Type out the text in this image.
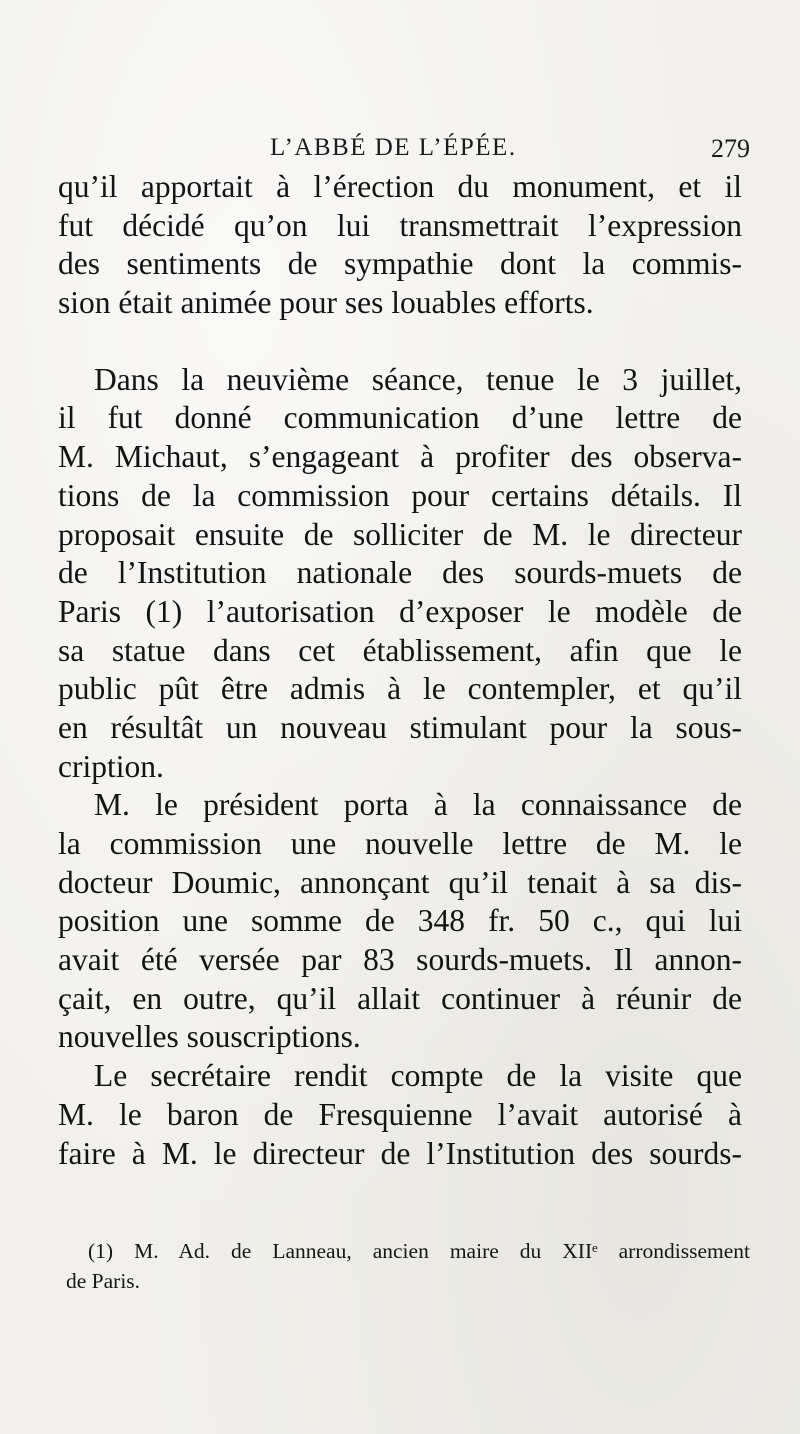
L’ABBÉ DE L’ÉPÉE.	279
qu’il apportait à l’érection du monument, et il
fut décidé qu’on lui transmettrait l’expression
des sentiments de sympathie dont la commis-
sion était animée pour ses louables efforts.
Dans la neuvième séance, tenue le 3 juillet,
il fut donné communication d’une lettre de
M. Michaut, s’engageant à profiter des observa-
tions de la commission pour certains détails. Il
proposait ensuite de solliciter de M. le directeur
de l’Institution nationale des sourds-muets de
Paris (1) l’autorisation d’exposer le modèle de
sa statue dans cet établissement, afin que le
public pût être admis à le contempler, et qu’il
en résultât un nouveau stimulant pour la sous-
cription.
M. le président porta à la connaissance de
la commission une nouvelle lettre de M. le
docteur Doumic, annonçant qu’il tenait à sa dis-
position une somme de 348 fr. 50 c., qui lui
avait été versée par 83 sourds-muets. Il annon-
çait, en outre, qu’il allait continuer à réunir de
nouvelles souscriptions.
Le secrétaire rendit compte de la visite que
M. le baron de Fresquienne l’avait autorisé à
faire à M. le directeur de l’Institution des sourds-
(1) M. Ad. de Lanneau, ancien maire du XIIᵉ arrondissement
de Paris.
